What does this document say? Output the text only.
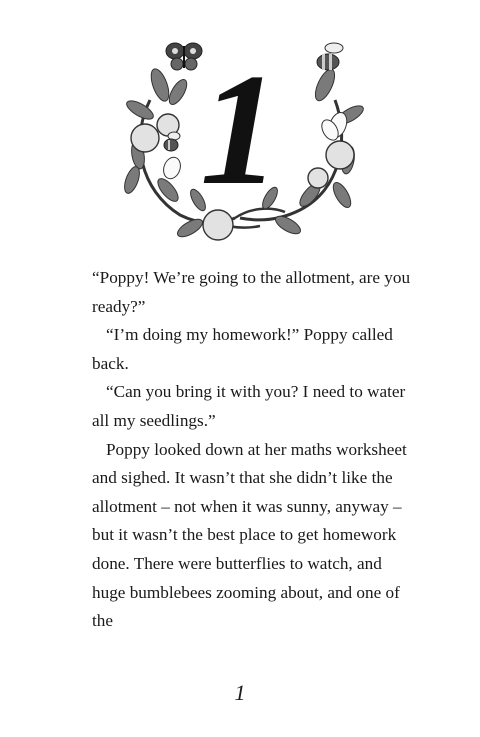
1

“Poppy! We’re going to the allotment, are you ready?”

“I’m doing my homework!” Poppy called back.

“Can you bring it with you? I need to water all my seedlings.”

Poppy looked down at her maths worksheet and sighed. It wasn’t that she didn’t like the allotment – not when it was sunny, anyway – but it wasn’t the best place to get homework done. There were butterflies to watch, and huge bumblebees zooming about, and one of the

1
